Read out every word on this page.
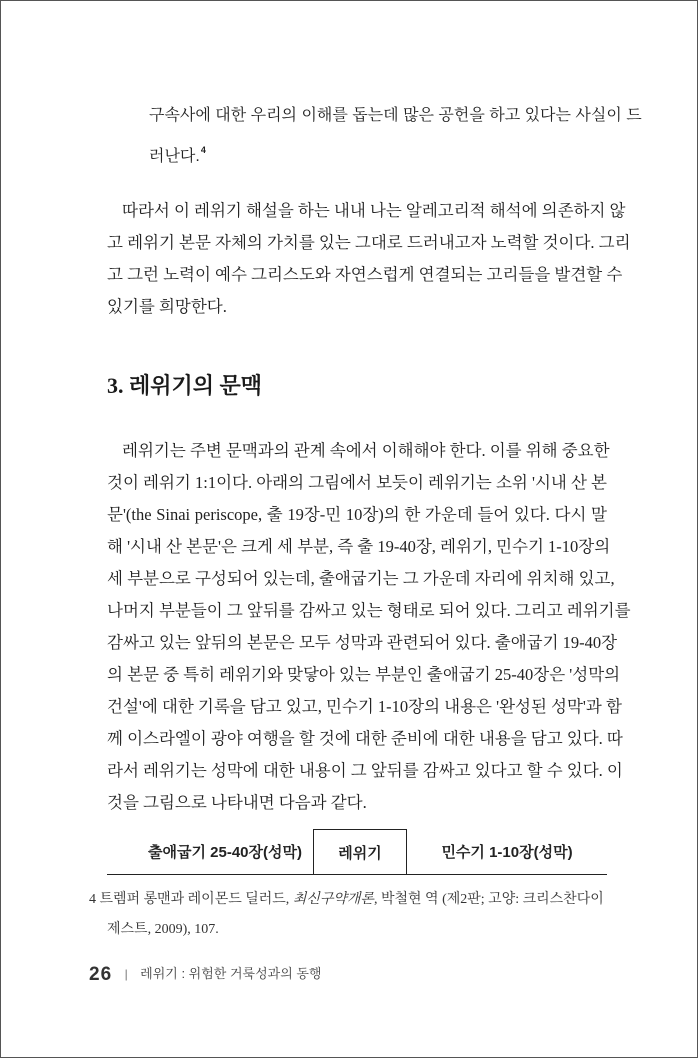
구속사에 대한 우리의 이해를 돕는데 많은 공헌을 하고 있다는 사실이 드
러난다.$^4$
따라서 이 레위기 해설을 하는 내내 나는 알레고리적 해석에 의존하지 않
고 레위기 본문 자체의 가치를 있는 그대로 드러내고자 노력할 것이다. 그리
고 그런 노력이 예수 그리스도와 자연스럽게 연결되는 고리들을 발견할 수
있기를 희망한다.
3. 레위기의 문맥
레위기는 주변 문맥과의 관계 속에서 이해해야 한다. 이를 위해 중요한
것이 레위기 1:1이다. 아래의 그림에서 보듯이 레위기는 소위 '시내 산 본
문'(the Sinai periscope, 출 19장-민 10장)의 한 가운데 들어 있다. 다시 말
해 '시내 산 본문'은 크게 세 부분, 즉 출 19-40장, 레위기, 민수기 1-10장의
세 부분으로 구성되어 있는데, 출애굽기는 그 가운데 자리에 위치해 있고,
나머지 부분들이 그 앞뒤를 감싸고 있는 형태로 되어 있다. 그리고 레위기를
감싸고 있는 앞뒤의 본문은 모두 성막과 관련되어 있다. 출애굽기 19-40장
의 본문 중 특히 레위기와 맞닿아 있는 부분인 출애굽기 25-40장은 '성막의
건설'에 대한 기록을 담고 있고, 민수기 1-10장의 내용은 '완성된 성막'과 함
께 이스라엘이 광야 여행을 할 것에 대한 준비에 대한 내용을 담고 있다. 따
라서 레위기는 성막에 대한 내용이 그 앞뒤를 감싸고 있다고 할 수 있다. 이
것을 그림으로 나타내면 다음과 같다.
출애굽기 25-40장(성막)	레위기	민수기 1-10장(성막)
4 트렘퍼 롱맨과 레이몬드 딜러드, 최신구약개론, 박철현 역 (제2판; 고양: 크리스찬다이
제스트, 2009), 107.
26 | 레위기 : 위험한 거룩성과의 동행
